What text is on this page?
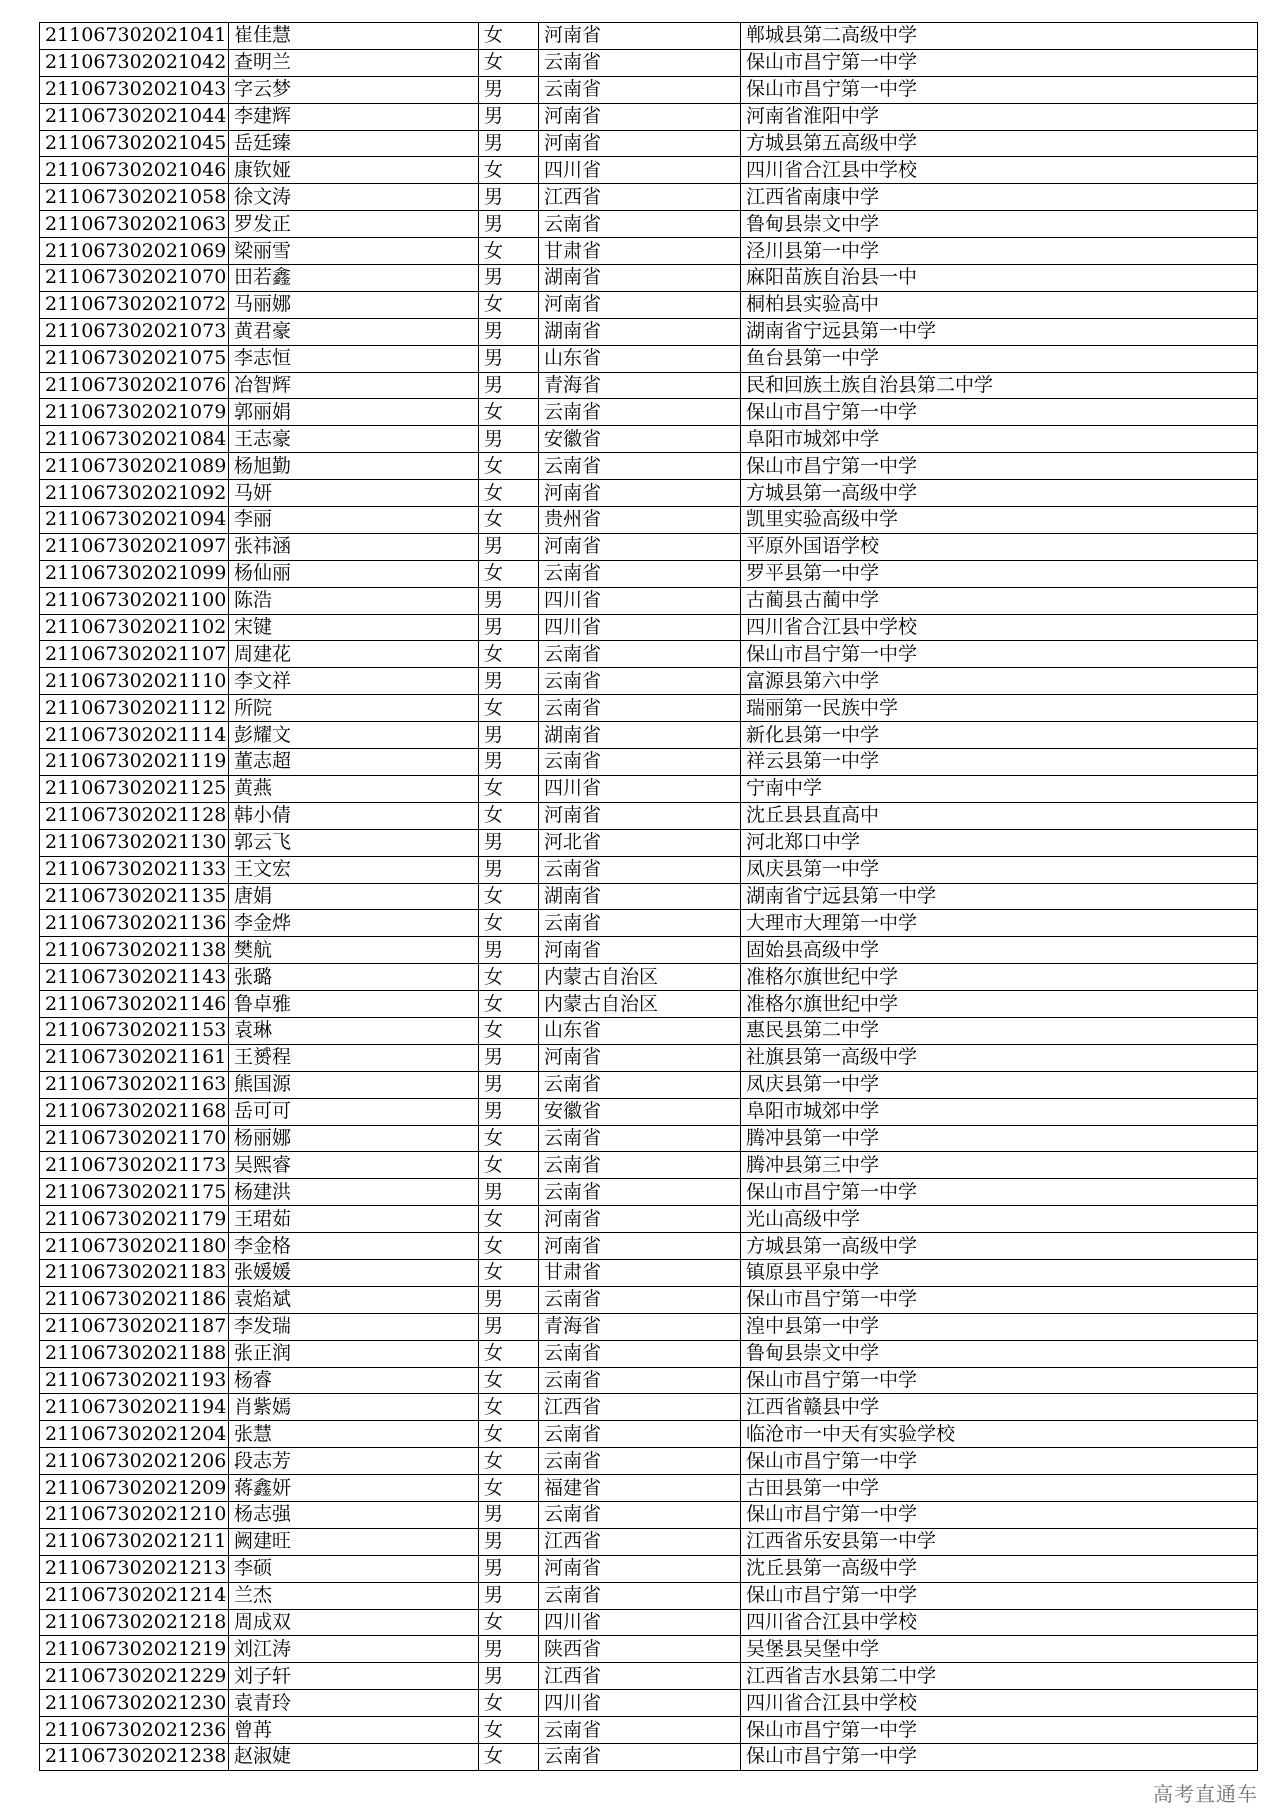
211067302021041	崔佳慧	女	河南省	郸城县第二高级中学
211067302021042	查明兰	女	云南省	保山市昌宁第一中学
211067302021043	字云梦	男	云南省	保山市昌宁第一中学
211067302021044	李建辉	男	河南省	河南省淮阳中学
211067302021045	岳廷臻	男	河南省	方城县第五高级中学
211067302021046	康钦娅	女	四川省	四川省合江县中学校
211067302021058	徐文涛	男	江西省	江西省南康中学
211067302021063	罗发正	男	云南省	鲁甸县崇文中学
211067302021069	梁丽雪	女	甘肃省	泾川县第一中学
211067302021070	田若鑫	男	湖南省	麻阳苗族自治县一中
211067302021072	马丽娜	女	河南省	桐柏县实验高中
211067302021073	黄君豪	男	湖南省	湖南省宁远县第一中学
211067302021075	李志恒	男	山东省	鱼台县第一中学
211067302021076	冶智辉	男	青海省	民和回族土族自治县第二中学
211067302021079	郭丽娟	女	云南省	保山市昌宁第一中学
211067302021084	王志豪	男	安徽省	阜阳市城郊中学
211067302021089	杨旭勤	女	云南省	保山市昌宁第一中学
211067302021092	马妍	女	河南省	方城县第一高级中学
211067302021094	李丽	女	贵州省	凯里实验高级中学
211067302021097	张祎涵	男	河南省	平原外国语学校
211067302021099	杨仙丽	女	云南省	罗平县第一中学
211067302021100	陈浩	男	四川省	古蔺县古蔺中学
211067302021102	宋键	男	四川省	四川省合江县中学校
211067302021107	周建花	女	云南省	保山市昌宁第一中学
211067302021110	李文祥	男	云南省	富源县第六中学
211067302021112	所院	女	云南省	瑞丽第一民族中学
211067302021114	彭耀文	男	湖南省	新化县第一中学
211067302021119	董志超	男	云南省	祥云县第一中学
211067302021125	黄燕	女	四川省	宁南中学
211067302021128	韩小倩	女	河南省	沈丘县县直高中
211067302021130	郭云飞	男	河北省	河北郑口中学
211067302021133	王文宏	男	云南省	凤庆县第一中学
211067302021135	唐娟	女	湖南省	湖南省宁远县第一中学
211067302021136	李金烨	女	云南省	大理市大理第一中学
211067302021138	樊航	男	河南省	固始县高级中学
211067302021143	张璐	女	内蒙古自治区	准格尔旗世纪中学
211067302021146	鲁卓雅	女	内蒙古自治区	准格尔旗世纪中学
211067302021153	袁琳	女	山东省	惠民县第二中学
211067302021161	王赟程	男	河南省	社旗县第一高级中学
211067302021163	熊国源	男	云南省	凤庆县第一中学
211067302021168	岳可可	男	安徽省	阜阳市城郊中学
211067302021170	杨丽娜	女	云南省	腾冲县第一中学
211067302021173	吴熙睿	女	云南省	腾冲县第三中学
211067302021175	杨建洪	男	云南省	保山市昌宁第一中学
211067302021179	王珺茹	女	河南省	光山高级中学
211067302021180	李金格	女	河南省	方城县第一高级中学
211067302021183	张媛媛	女	甘肃省	镇原县平泉中学
211067302021186	袁焰斌	男	云南省	保山市昌宁第一中学
211067302021187	李发瑞	男	青海省	湟中县第一中学
211067302021188	张正润	女	云南省	鲁甸县崇文中学
211067302021193	杨睿	女	云南省	保山市昌宁第一中学
211067302021194	肖紫嫣	女	江西省	江西省赣县中学
211067302021204	张慧	女	云南省	临沧市一中天有实验学校
211067302021206	段志芳	女	云南省	保山市昌宁第一中学
211067302021209	蒋鑫妍	女	福建省	古田县第一中学
211067302021210	杨志强	男	云南省	保山市昌宁第一中学
211067302021211	阙建旺	男	江西省	江西省乐安县第一中学
211067302021213	李硕	男	河南省	沈丘县第一高级中学
211067302021214	兰杰	男	云南省	保山市昌宁第一中学
211067302021218	周成双	女	四川省	四川省合江县中学校
211067302021219	刘江涛	男	陕西省	吴堡县吴堡中学
211067302021229	刘子轩	男	江西省	江西省吉水县第二中学
211067302021230	袁青玲	女	四川省	四川省合江县中学校
211067302021236	曾苒	女	云南省	保山市昌宁第一中学
211067302021238	赵淑婕	女	云南省	保山市昌宁第一中学
高考直通车
